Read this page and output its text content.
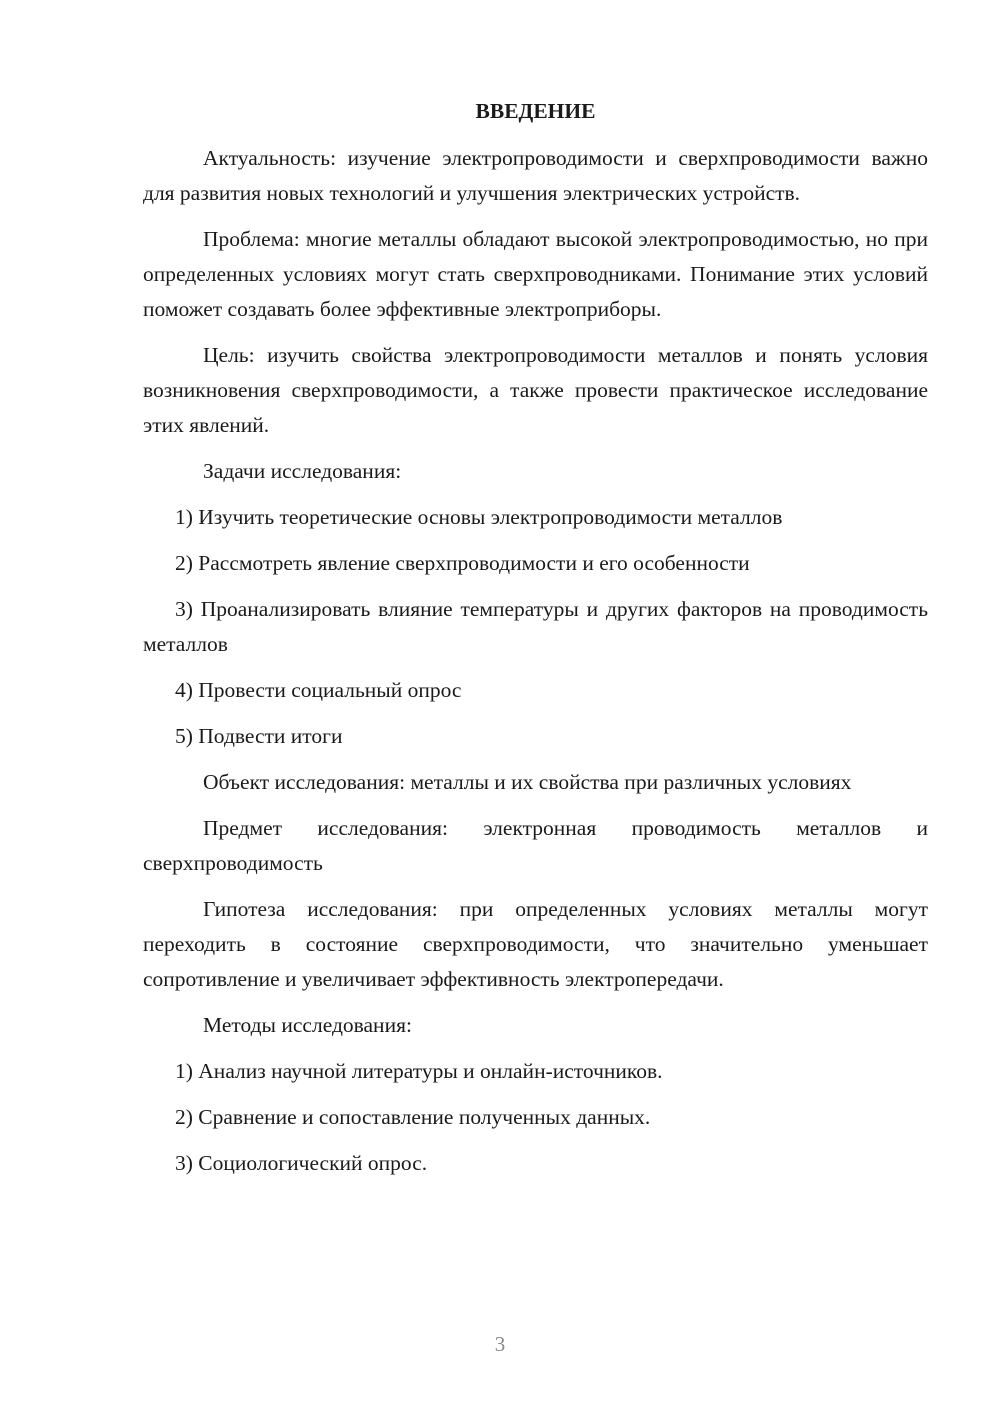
ВВЕДЕНИЕ

Актуальность: изучение электропроводимости и сверхпроводимости важно для развития новых технологий и улучшения электрических устройств.

Проблема: многие металлы обладают высокой электропроводимостью, но при определенных условиях могут стать сверхпроводниками. Понимание этих условий поможет создавать более эффективные электроприборы.

Цель: изучить свойства электропроводимости металлов и понять условия возникновения сверхпроводимости, а также провести практическое исследование этих явлений.

Задачи исследования:

1) Изучить теоретические основы электропроводимости металлов

2) Рассмотреть явление сверхпроводимости и его особенности

3) Проанализировать влияние температуры и других факторов на проводимость металлов

4) Провести социальный опрос

5) Подвести итоги

Объект исследования: металлы и их свойства при различных условиях

Предмет исследования: электронная проводимость металлов и сверхпроводимость

Гипотеза исследования: при определенных условиях металлы могут переходить в состояние сверхпроводимости, что значительно уменьшает сопротивление и увеличивает эффективность электропередачи.

Методы исследования:

1) Анализ научной литературы и онлайн-источников.

2) Сравнение и сопоставление полученных данных.

3) Социологический опрос.

3
